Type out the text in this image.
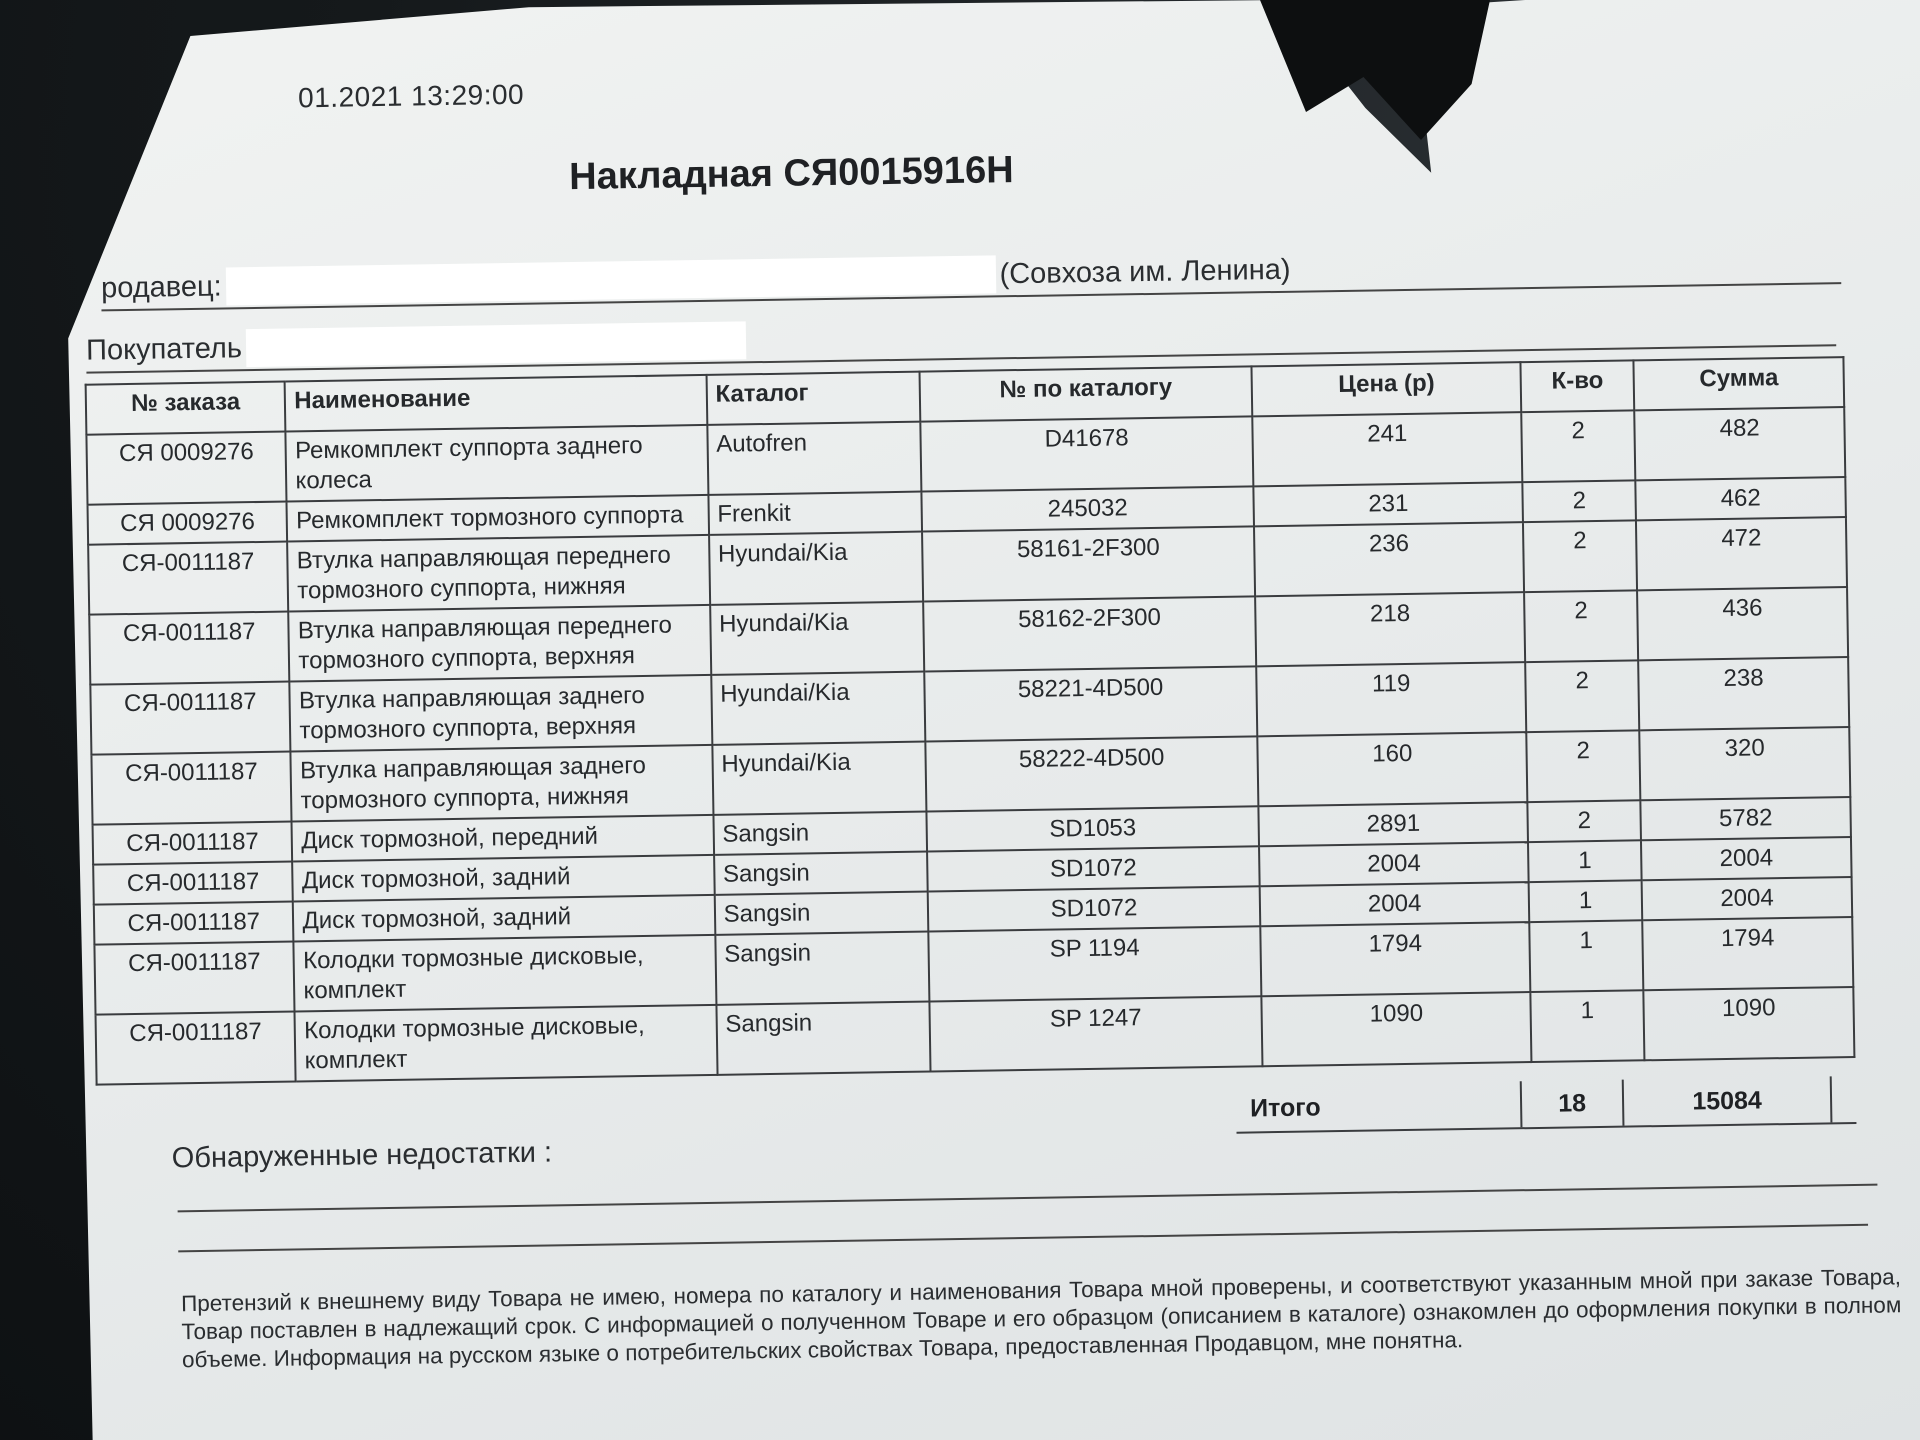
01.2021 13:29:00
Накладная СЯ0015916Н
родавец:	(Совхоза им. Ленина)
Покупатель
№ заказа	Наименование	Каталог	№ по каталогу	Цена (р)	К-во	Сумма
СЯ 0009276	Ремкомплект суппорта заднего колеса	Autofren	D41678	241	2	482
СЯ 0009276	Ремкомплект тормозного суппорта	Frenkit	245032	231	2	462
СЯ-0011187	Втулка направляющая переднего тормозного суппорта, нижняя	Hyundai/Kia	58161-2F300	236	2	472
СЯ-0011187	Втулка направляющая переднего тормозного суппорта, верхняя	Hyundai/Kia	58162-2F300	218	2	436
СЯ-0011187	Втулка направляющая заднего тормозного суппорта, верхняя	Hyundai/Kia	58221-4D500	119	2	238
СЯ-0011187	Втулка направляющая заднего тормозного суппорта, нижняя	Hyundai/Kia	58222-4D500	160	2	320
СЯ-0011187	Диск тормозной, передний	Sangsin	SD1053	2891	2	5782
СЯ-0011187	Диск тормозной, задний	Sangsin	SD1072	2004	1	2004
СЯ-0011187	Диск тормозной, задний	Sangsin	SD1072	2004	1	2004
СЯ-0011187	Колодки тормозные дисковые, комплект	Sangsin	SP 1194	1794	1	1794
СЯ-0011187	Колодки тормозные дисковые, комплект	Sangsin	SP 1247	1090	1	1090
Итого	18	15084
Обнаруженные недостатки :
Претензий к внешнему виду Товара не имею, номера по каталогу и наименования Товара мной проверены, и соответствуют указанным мной при заказе Товара, Товар поставлен в надлежащий срок. С информацией о полученном Товаре и его образцом (описанием в каталоге) ознакомлен до оформления покупки в полном объеме. Информация на русском языке о потребительских свойствах Товара, предоставленная Продавцом, мне понятна.
